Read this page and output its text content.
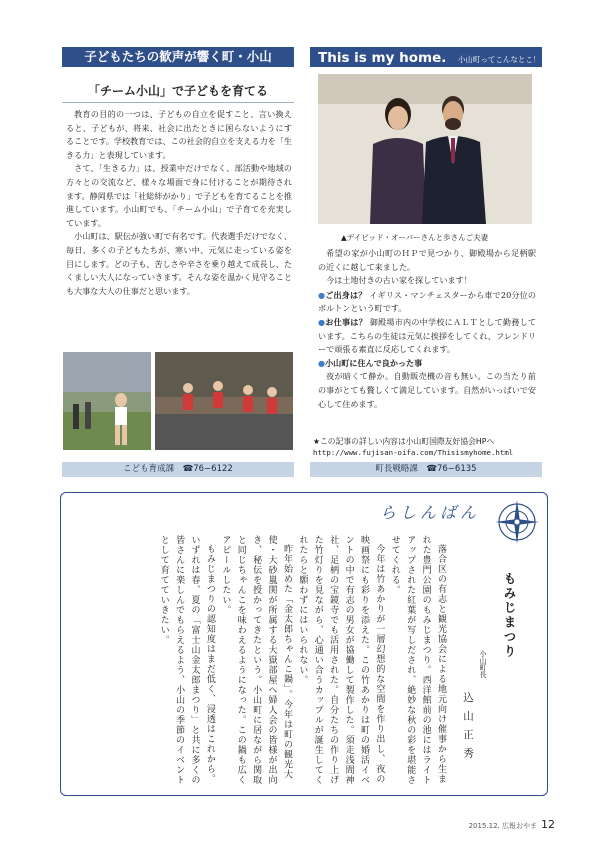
子どもたちの歓声が響く町・小山
「チーム小山」で子どもを育てる

教育の目的の一つは、子どもの自立を促すこと、言い換えると、子どもが、将来、社会に出たときに困らないようにすることです。学校教育では、この社会的自立を支える力を「生きる力」と表現しています。

さて、「生きる力」は、授業中だけでなく、部活動や地域の方々との交流など、様々な場面で身に付けることが期待されます。静岡県では「社総絆がかり」で子どもを育てることを推進しています。小山町でも、「チーム小山」で子育てを充実しています。

小山町は、駅伝が強い町で有名です。代表選手だけでなく、毎日、多くの子どもたちが、寒い中、元気に走っている姿を目にします。どの子も、苦しさや辛さを乗り越えて成長し、たくましい大人になっていきます。そんな姿を温かく見守ることも大事な大人の仕事だと思います。

こども育成課　☎76−6122
This is my home. 小山町ってこんなとこ！
▲デイビッド・オーバーさんと歩さんご夫妻

希望の家が小山町のＨＰで見つかり、御殿場から足柄駅の近くに越して来ました。

今は土地付きの古い家を探しています！

●ご出身は？ イギリス・マンチェスターから車で20分位のボルトンという町です。
●お仕事は？ 御殿場市内の中学校にＡＬＴとして勤務しています。こちらの生徒は元気に挨拶をしてくれ、フレンドリーで頑張る素直に反応してくれます。
●小山町に住んで良かった事

夜が暗くて静か。自動販売機の音も無い。この当たり前の事がとても贅しくて満足しています。自然がいっぱいで安心して住めます。

★この記事の詳しい内容は小山町国際友好協会HPへ
http://www.fujisan-oifa.com/Thisismyhome.html
町長戦略課　☎76−6135
らしんばん
もみじまつり
小山町長
込山正秀

落合区の有志と観光協会による地元向け催事から生まれた豊門公園のもみじまつり。西洋館前の池にはライトアップされた紅葉が写しだされ、絶妙な秋の彩を堪能させてくれる。

今年は竹あかりが一層幻想的な空間を作り出し、夜の映画祭にも彩りを添えた。この竹あかりは町の婚活イベントの中で有志の男女が協働して製作した。須走浅間神社、足柄の宝鏡寺でも活用された。自分たちの作り上げた竹灯りを見ながら、心通い合うカップルが誕生してくれたらと願わずにはいられない。

昨年始めた「金太郎ちゃんこ鍋」。今年は町の観光大使・大砂嵐関が所属する大嶽部屋へ婦人会の皆様が出向き、秘伝を授かってきたという。小山町に居ながら関取と同じちゃんこを味わえるようになった。この鍋も広くアピールしたい。

もみじまつりの認知度はまだ低く、浸透はこれから。いずれは春、夏の「富士山金太郎まつり」と共に多くの皆さんに楽しんでもらえるよう、小山の季節のイベントとして育てていきたい。

2015.12. 広報おやま 12
